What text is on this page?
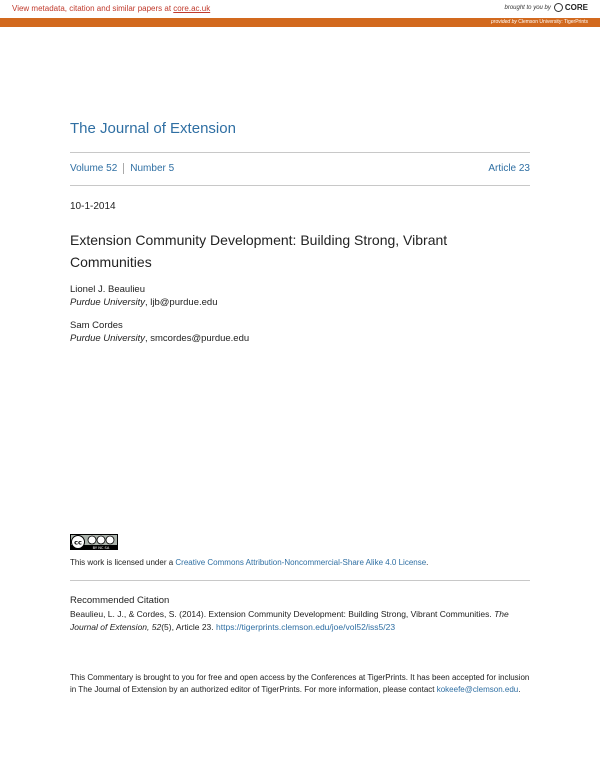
View metadata, citation and similar papers at core.ac.uk	brought to you by CORE
provided by Clemson University: TigerPrints
The Journal of Extension
Volume 52 Number 5	Article 23
10-1-2014
Extension Community Development: Building Strong, Vibrant Communities
Lionel J. Beaulieu
Purdue University, ljb@purdue.edu
Sam Cordes
Purdue University, smcordes@purdue.edu
cc
BY NC SA
This work is licensed under a Creative Commons Attribution-Noncommercial-Share Alike 4.0 License.
Recommended Citation
Beaulieu, L. J., & Cordes, S. (2014). Extension Community Development: Building Strong, Vibrant Communities. The Journal of Extension, 52(5), Article 23. https://tigerprints.clemson.edu/joe/vol52/iss5/23
This Commentary is brought to you for free and open access by the Conferences at TigerPrints. It has been accepted for inclusion in The Journal of Extension by an authorized editor of TigerPrints. For more information, please contact kokeefe@clemson.edu.
